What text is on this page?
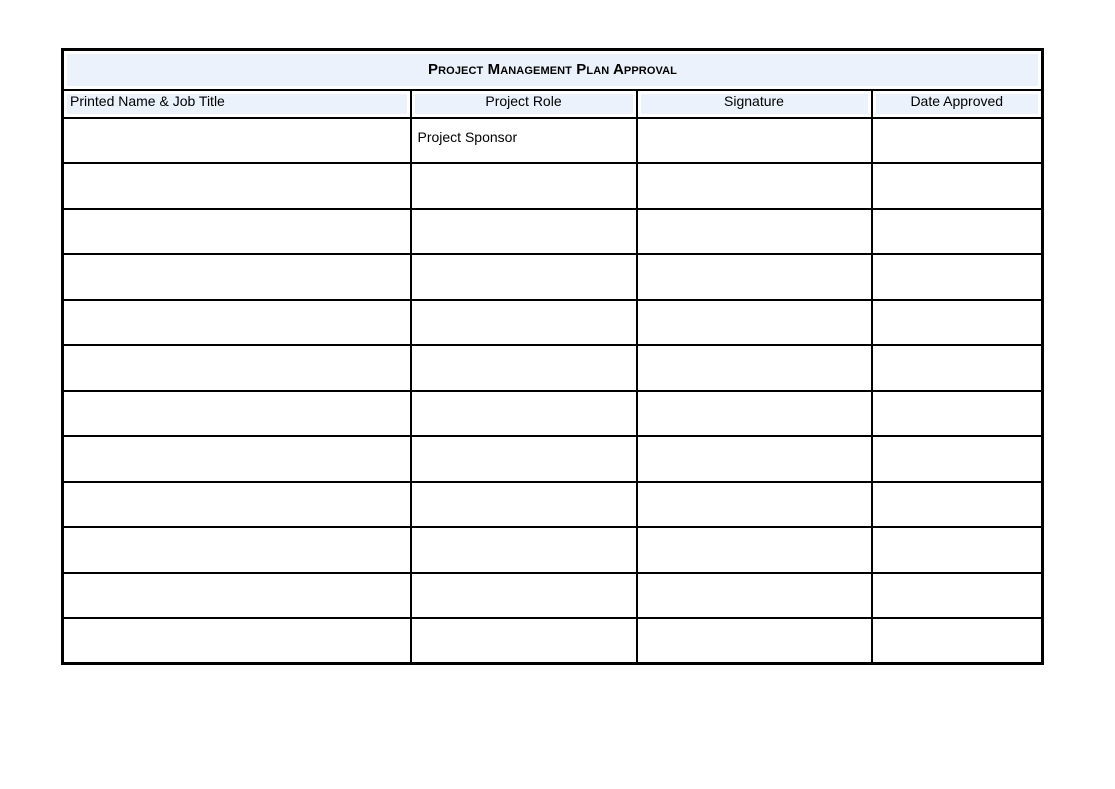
Project Management Plan Approval			
Printed Name & Job Title	Project Role	Signature	Date Approved
	Project Sponsor		
